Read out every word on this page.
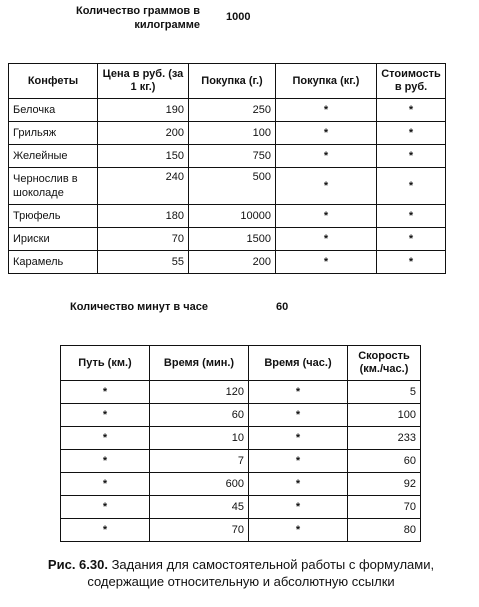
Количество граммов в килограмме
1000
Конфеты	Цена в руб. (за 1 кг.)	Покупка (г.)	Покупка (кг.)	Стоимость в руб.
Белочка	190	250	*	*
Грильяж	200	100	*	*
Желейные	150	750	*	*
Чернослив в шоколаде	240	500	*	*
Трюфель	180	10000	*	*
Ириски	70	1500	*	*
Карамель	55	200	*	*
Количество минут в часе	60
Путь (км.)	Время (мин.)	Время (час.)	Скорость (км./час.)
*	120	*	5
*	60	*	100
*	10	*	233
*	7	*	60
*	600	*	92
*	45	*	70
*	70	*	80
Рис. 6.30. Задания для самостоятельной работы с формулами, содержащие относительную и абсолютную ссылки
